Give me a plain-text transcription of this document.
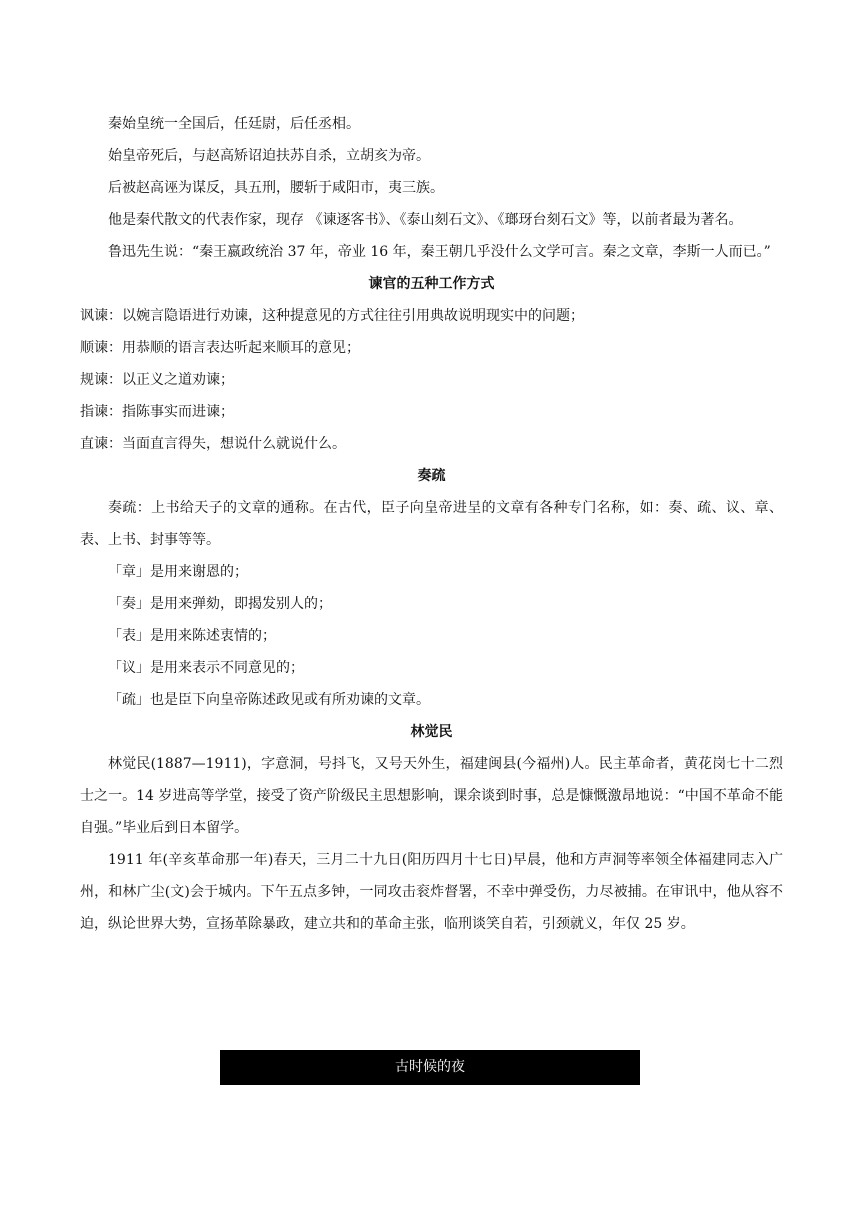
秦始皇统一全国后，任廷尉，后任丞相。

始皇帝死后，与赵高矫诏迫扶苏自杀，立胡亥为帝。

后被赵高诬为谋反，具五刑，腰斩于咸阳市，夷三族。

他是秦代散文的代表作家，现存 《谏逐客书》、《泰山刻石文》、《瑯玡台刻石文》等，以前者最为著名。

鲁迅先生说：“秦王嬴政统治 37 年，帝业 16 年，秦王朝几乎没什么文学可言。秦之文章，李斯一人而已。”

谏官的五种工作方式

讽谏：以婉言隐语进行劝谏，这种提意见的方式往往引用典故说明现实中的问题；

顺谏：用恭顺的语言表达听起来顺耳的意见；

规谏：以正义之道劝谏；

指谏：指陈事实而进谏；

直谏：当面直言得失，想说什么就说什么。

奏疏

奏疏：上书给天子的文章的通称。在古代，臣子向皇帝进呈的文章有各种专门名称，如：奏、疏、议、章、表、上书、封事等等。

「章」是用来谢恩的；

「奏」是用来弹劾，即揭发别人的；

「表」是用来陈述衷情的；

「议」是用来表示不同意见的；

「疏」也是臣下向皇帝陈述政见或有所劝谏的文章。

林觉民

林觉民(1887—1911)，字意洞，号抖飞，又号天外生，福建闽县(今福州)人。民主革命者，黄花岗七十二烈士之一。14 岁进高等学堂，接受了资产阶级民主思想影响，课余谈到时事，总是慷慨激昂地说：“中国不革命不能自强。”毕业后到日本留学。

1911 年(辛亥革命那一年)春天，三月二十九日(阳历四月十七日)早晨，他和方声洞等率领全体福建同志入广州，和林广尘(文)会于城内。下午五点多钟，一同攻击衮炸督署，不幸中弹受伤，力尽被捕。在审讯中，他从容不迫，纵论世界大势，宣扬革除暴政，建立共和的革命主张，临刑谈笑自若，引颈就义，年仅 25 岁。

古时候的夜
